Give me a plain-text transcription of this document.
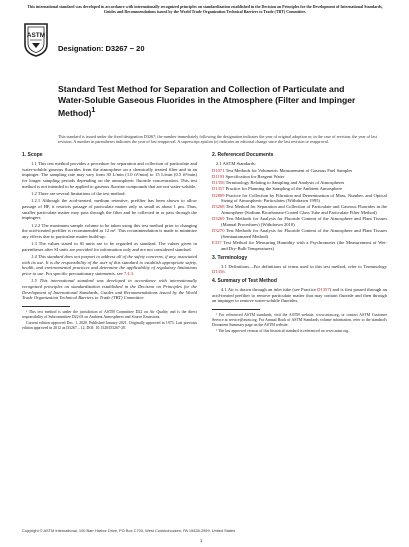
This international standard was developed in accordance with internationally recognized principles on standardization established in the Decision on Principles for the Development of International Standards, Guides and Recommendations issued by the World Trade Organization Technical Barriers to Trade (TBT) Committee.
ASTM
Designation: D3267 − 20
Standard Test Method for Separation and Collection of Particulate and Water-Soluble Gaseous Fluorides in the Atmosphere (Filter and Impinger Method)$^1$
This standard is issued under the fixed designation D3267; the number immediately following the designation indicates the year of original adoption or, in the case of revision, the year of last revision. A number in parentheses indicates the year of last reapproval. A superscript epsilon (ε) indicates an editorial change since the last revision or reapproval.
1. Scope

1.1 This test method provides a procedure for separation and collection of particulate and water-soluble gaseous fluorides from the atmosphere on a chemically treated filter and in an impinger. The sampling rate may vary from 30 L/min (1.0 ft³/min) to 15 L/min (0.5 ft³/min) for longer sampling periods depending on the atmospheric fluoride concentration. This test method is not intended to be applied to gaseous fluorine compounds that are not water-soluble.

1.2 There are several limitations of the test method:

1.2.1 Although the acid-treated, medium retentive, prefilter has been shown to allow passage of HF, it restricts passage of particulate matter only as small as about 1 µm. Thus, smaller particulate matter may pass through the filter and be collected in or pass through the impingers.

1.2.2 The maximum sample volume to be taken using this test method prior to changing the acid-treated prefilter is recommended as 12 m³. This recommendation is made to minimize any effects due to particulate matter build-up.

1.3 The values stated in SI units are to be regarded as standard. The values given in parentheses after SI units are provided for information only and are not considered standard.

1.4 This standard does not purport to address all of the safety concerns, if any, associated with its use. It is the responsibility of the user of this standard to establish appropriate safety, health, and environmental practices and determine the applicability of regulatory limitations prior to use. For specific precautionary statements, see 7.4.3.

1.5 This international standard was developed in accordance with internationally recognized principles on standardization established in the Decision on Principles for the Development of International Standards, Guides and Recommendations issued by the World Trade Organization Technical Barriers to Trade (TBT) Committee.

¹ This test method is under the jurisdiction of ASTM Committee D22 on Air Quality and is the direct responsibility of Subcommittee D22.03 on Ambient Atmospheres and Source Emissions.

Current edition approved Dec. 1, 2020. Published January 2021. Originally approved in 1973. Last previous edition approved in 2012 as D3267 – 12. DOI: 10.1520/D3267-20.

2. Referenced Documents
2.1 ASTM Standards:
D1071 Test Methods for Volumetric Measurement of Gaseous Fuel Samples
D1193 Specification for Reagent Water
D1356 Terminology Relating to Sampling and Analysis of Atmospheres
D1357 Practice for Planning the Sampling of the Ambient Atmosphere
D2809 Practice for Collection by Filtration and Determination of Mass, Number, and Optical Sizing of Atmospheric Particulates (Withdrawn 1995)
D3268 Test Method for Separation and Collection of Particulate and Gaseous Fluorides in the Atmosphere (Sodium Bicarbonate-Coated Glass Tube and Particulate Filter Method)
D3269 Test Methods for Analysis for Fluoride Content of the Atmosphere and Plant Tissues (Manual Procedures) (Withdrawn 2010)
D3270 Test Methods for Analysis for Fluoride Content of the Atmosphere and Plant Tissues (Semiautomated Method)
E337 Test Method for Measuring Humidity with a Psychrometer (the Measurement of Wet- and Dry-Bulb Temperatures)
3. Terminology

3.1 Definitions—For definitions of terms used in this test method, refer to Terminology D1356.

4. Summary of Test Method

4.1 Air is drawn through an inlet tube (see Practice D1357) and is first passed through an acid-treated prefilter to remove particulate matter that may contain fluoride and then through an impinger to remove water-soluble fluorides.

² For referenced ASTM standards, visit the ASTM website, www.astm.org, or contact ASTM Customer Service at service@astm.org. For Annual Book of ASTM Standards volume information, refer to the standard's Document Summary page on the ASTM website.

³ The last approved version of this historical standard is referenced on www.astm.org.

Copyright © ASTM International, 100 Barr Harbor Drive, PO Box C700, West Conshohocken, PA 19428-2959. United States
1
